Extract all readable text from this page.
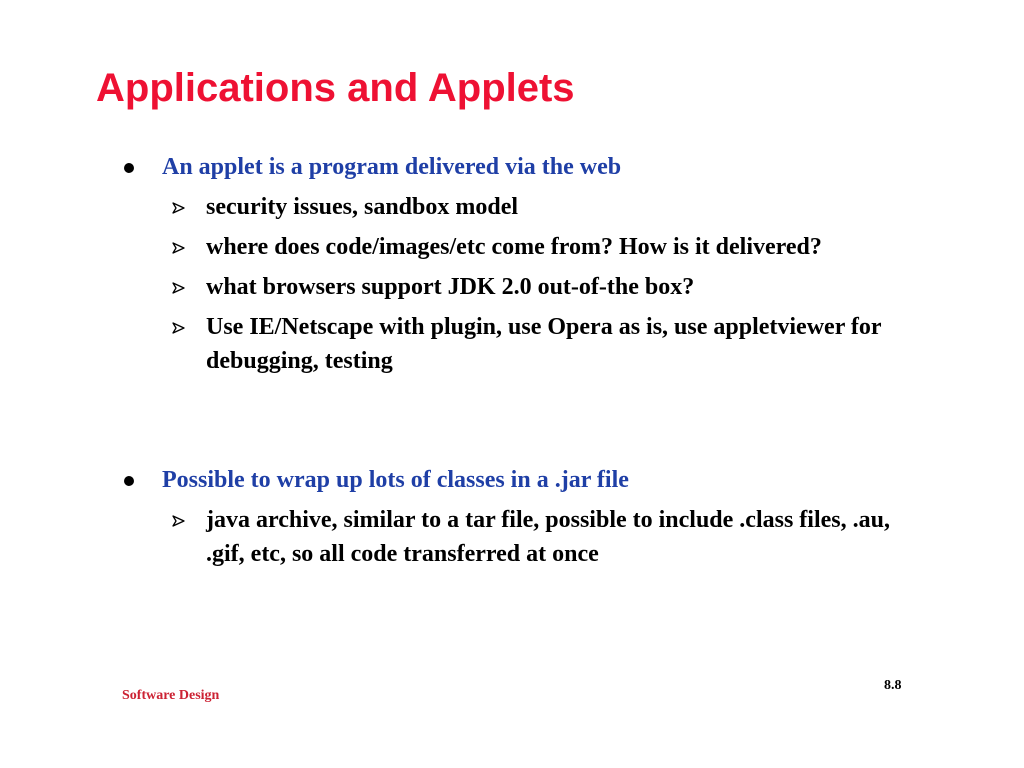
Applications and Applets
An applet is a program delivered via the web
security issues, sandbox model
where does code/images/etc come from? How is it delivered?
what browsers support JDK 2.0 out-of-the box?
Use IE/Netscape with plugin, use Opera as is, use appletviewer for debugging, testing
Possible to wrap up lots of classes in a .jar file
java archive, similar to a tar file, possible to include .class files, .au, .gif, etc, so all code transferred at once
Software Design
8.8
